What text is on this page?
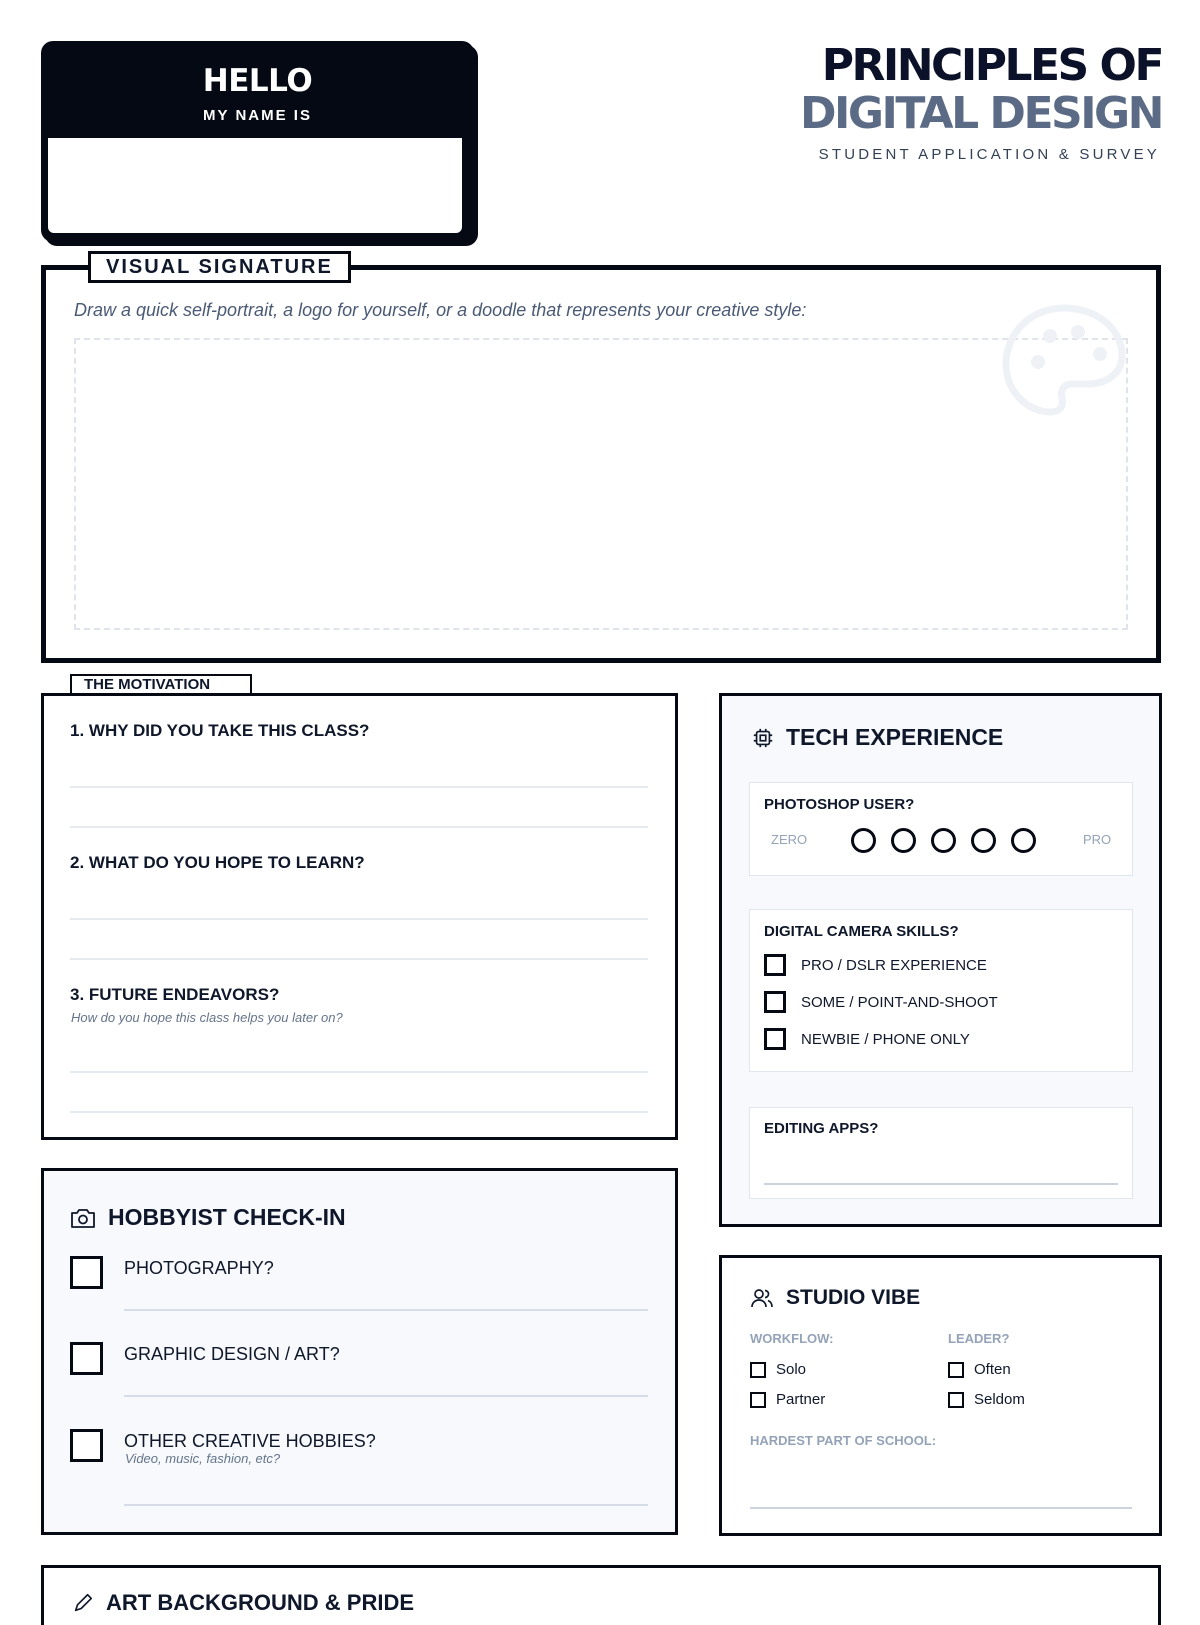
HELLO
MY NAME IS
PRINCIPLES OF
DIGITAL DESIGN
STUDENT APPLICATION & SURVEY
VISUAL SIGNATURE
Draw a quick self-portrait, a logo for yourself, or a doodle that represents your creative style:
THE MOTIVATION
1. WHY DID YOU TAKE THIS CLASS?
2. WHAT DO YOU HOPE TO LEARN?
3. FUTURE ENDEAVORS?
How do you hope this class helps you later on?
TECH EXPERIENCE
PHOTOSHOP USER?
ZERO	PRO
DIGITAL CAMERA SKILLS?
PRO / DSLR EXPERIENCE
SOME / POINT-AND-SHOOT
NEWBIE / PHONE ONLY
EDITING APPS?
HOBBYIST CHECK-IN
PHOTOGRAPHY?
GRAPHIC DESIGN / ART?
OTHER CREATIVE HOBBIES?
Video, music, fashion, etc?
STUDIO VIBE
WORKFLOW:	LEADER?
Solo	Often
Partner	Seldom
HARDEST PART OF SCHOOL:
ART BACKGROUND & PRIDE
